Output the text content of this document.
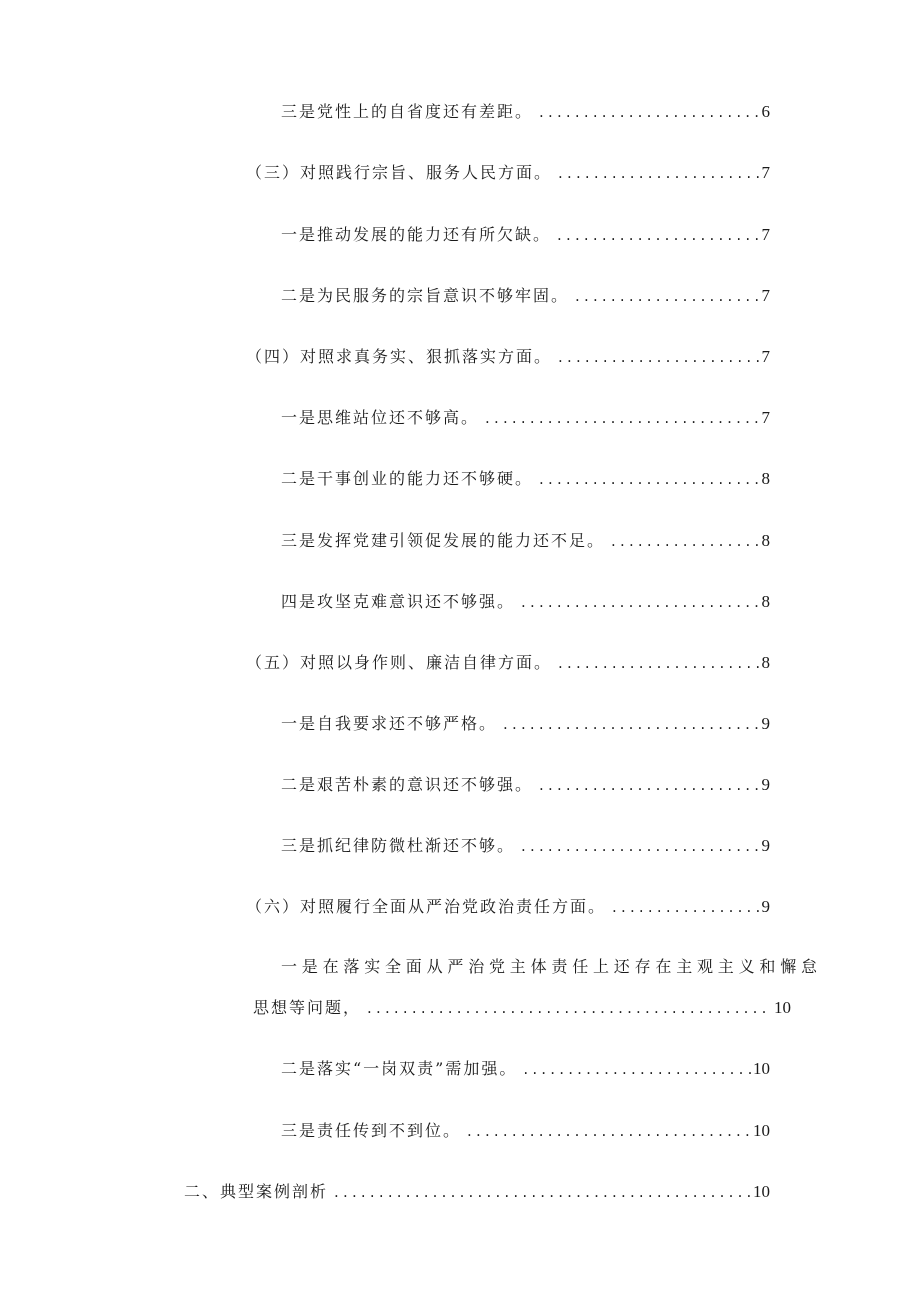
三是党性上的自省度还有差距。 .....	6
（三）对照践行宗旨、服务人民方面。 .....	7
一是推动发展的能力还有所欠缺。 .....	7
二是为民服务的宗旨意识不够牢固。 .....	7
（四）对照求真务实、狠抓落实方面。 .....	7
一是思维站位还不够高。 .....	7
二是干事创业的能力还不够硬。 .....	8
三是发挥党建引领促发展的能力还不足。 .....	8
四是攻坚克难意识还不够强。 .....	8
（五）对照以身作则、廉洁自律方面。 .....	8
一是自我要求还不够严格。 .....	9
二是艰苦朴素的意识还不够强。 .....	9
三是抓纪律防微杜渐还不够。 .....	9
（六）对照履行全面从严治党政治责任方面。 .....	9
一是在落实全面从严治党主体责任上还存在主观主义和懈怠
思想等问题， .....	10
二是落实“一岗双责”需加强。 .....	10
三是责任传到不到位。 .....	10
二、典型案例剖析 .....	10
